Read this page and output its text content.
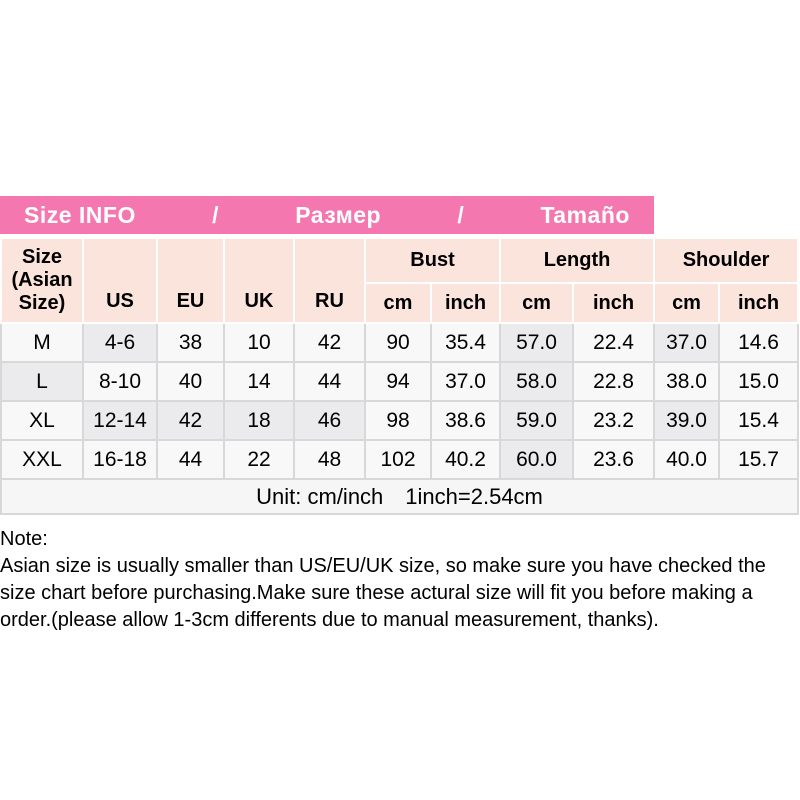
Size INFO	/	Размер	/	Tamaño
Size (Asian Size)	US	EU	UK	RU	Bust		Length		Shoulder	
					cm	inch	cm	inch	cm	inch
M	4-6	38	10	42	90	35.4	57.0	22.4	37.0	14.6
L	8-10	40	14	44	94	37.0	58.0	22.8	38.0	15.0
XL	12-14	42	18	46	98	38.6	59.0	23.2	39.0	15.4
XXL	16-18	44	22	48	102	40.2	60.0	23.6	40.0	15.7
Unit: cm/inch 1inch=2.54cm										
Note:
Asian size is usually smaller than US/EU/UK size, so make sure you have checked the
size chart before purchasing.Make sure these actural size will fit you before making a
order.(please allow 1-3cm differents due to manual measurement, thanks).
